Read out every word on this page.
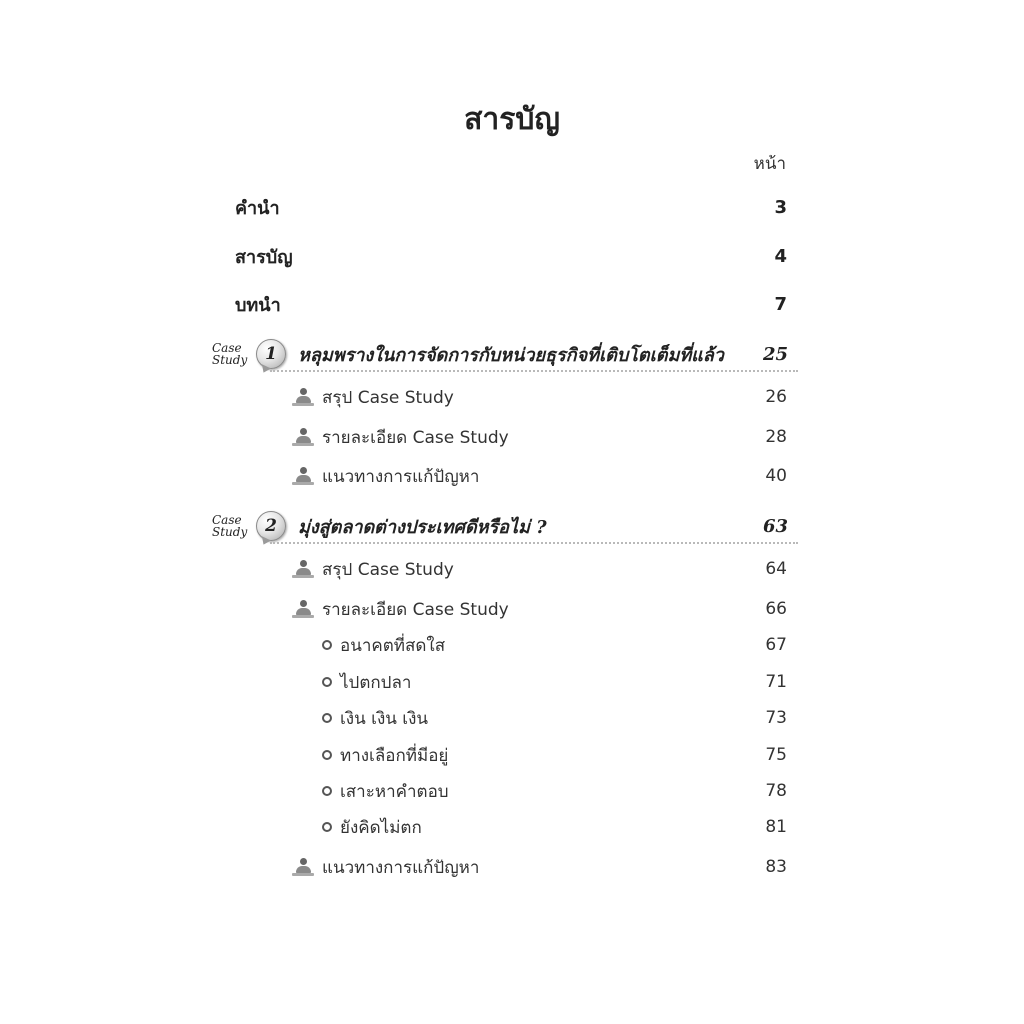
สารบัญ
หน้า
คำนำ	3
สารบัญ	4
บทนำ	7
Case
Study	1	หลุมพรางในการจัดการกับหน่วยธุรกิจที่เติบโตเต็มที่แล้ว	25
สรุป Case Study	26
รายละเอียด Case Study	28
แนวทางการแก้ปัญหา	40
Case
Study	2	มุ่งสู่ตลาดต่างประเทศดีหรือไม่ ?	63
สรุป Case Study	64
รายละเอียด Case Study	66
อนาคตที่สดใส	67
ไปตกปลา	71
เงิน เงิน เงิน	73
ทางเลือกที่มีอยู่	75
เสาะหาคำตอบ	78
ยังคิดไม่ตก	81
แนวทางการแก้ปัญหา	83
